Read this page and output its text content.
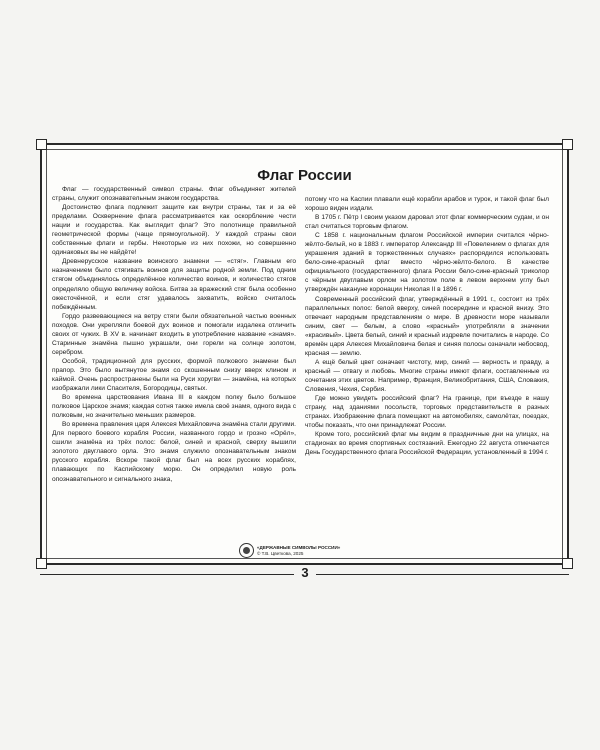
Флаг России

Флаг — государственный символ страны. Флаг объединяет жителей страны, служит опознавательным знаком государства.

Достоинство флага подлежит защите как внутри страны, так и за её пределами. Осквернение флага рассматривается как оскорбление чести нации и государства. Как выглядит флаг? Это полотнище правильной геометрической формы (чаще прямоугольной). У каждой страны свои собственные флаги и гербы. Некоторые из них похожи, но совершенно одинаковых вы не найдёте!

Древнерусское название воинского знамени — «стяг». Главным его назначением было стягивать воинов для защиты родной земли. Под одним стягом объединялось определённое количество воинов, и количество стягов определяло общую величину войска. Битва за вражеский стяг была особенно ожесточённой, и если стяг удавалось захватить, войско считалось побеждённым.

Гордо развевающиеся на ветру стяги были обязательной частью военных походов. Они укрепляли боевой дух воинов и помогали издалека отличить своих от чужих. В XV в. начинает входить в употребление название «знамя». Старинные знамёна пышно украшали, они горели на солнце золотом, серебром.

Особой, традиционной для русских, формой полкового знамени был прапор. Это было вытянутое знамя со скошенным снизу вверх клином и каймой. Очень распространены были на Руси хоругви — знамёна, на которых изображали лики Спасителя, Богородицы, святых.

Во времена царствования Ивана III в каждом полку было большое полковое Царское знамя; каждая сотня также имела своё знамя, одного вида с полковым, но значительно меньших размеров.

Во времена правления царя Алексея Михайловича знамёна стали другими. Для первого боевого корабля России, названного гордо и грозно «Орёл», сшили знамёна из трёх полос: белой, синей и красной, сверху вышили золотого двуглавого орла. Это знамя служило опознавательным знаком русского корабля. Вскоре такой флаг был на всех русских кораблях, плавающих по Каспийскому морю. Он определил новую роль опознавательного и сигнального знака,

потому что на Каспии плавали ещё корабли арабов и турок, и такой флаг был хорошо виден издали.

В 1705 г. Пётр I своим указом даровал этот флаг коммерческим судам, и он стал считаться торговым флагом.

С 1858 г. национальным флагом Российской империи считался чёрно-жёлто-белый, но в 1883 г. император Александр III «Повелением о флагах для украшения зданий в торжественных случаях» распорядился использовать бело-сине-красный флаг вместо чёрно-жёлто-белого. В качестве официального (государственного) флага России бело-сине-красный триколор с чёрным двуглавым орлом на золотом поле в левом верхнем углу был утверждён накануне коронации Николая II в 1896 г.

Современный российский флаг, утверждённый в 1991 г., состоит из трёх параллельных полос: белой вверху, синей посередине и красной внизу. Это отвечает народным представлениям о мире. В древности море называли синим, свет — белым, а слово «красный» употребляли в значении «красивый». Цвета белый, синий и красный издревле почитались в народе. Со времён царя Алексея Михайловича белая и синяя полосы означали небосвод, красная — землю.

А ещё белый цвет означает чистоту, мир, синий — верность и правду, а красный — отвагу и любовь. Многие страны имеют флаги, составленные из сочетания этих цветов. Например, Франция, Великобритания, США, Словакия, Словения, Чехия, Сербия.

Где можно увидеть российский флаг? На границе, при въезде в нашу страну, над зданиями посольств, торговых представительств в разных странах. Изображение флага помещают на автомобилях, самолётах, поездах, чтобы показать, что они принадлежат России.

Кроме того, российский флаг мы видим в праздничные дни на улицах, на стадионах во время спортивных состязаний. Ежегодно 22 августа отмечается День Государственного флага Российской Федерации, установленный в 1994 г.

«ДЕРЖАВНЫЕ СИМВОЛЫ РОССИИ»
© Т.В. Цветкова, 2025
3
